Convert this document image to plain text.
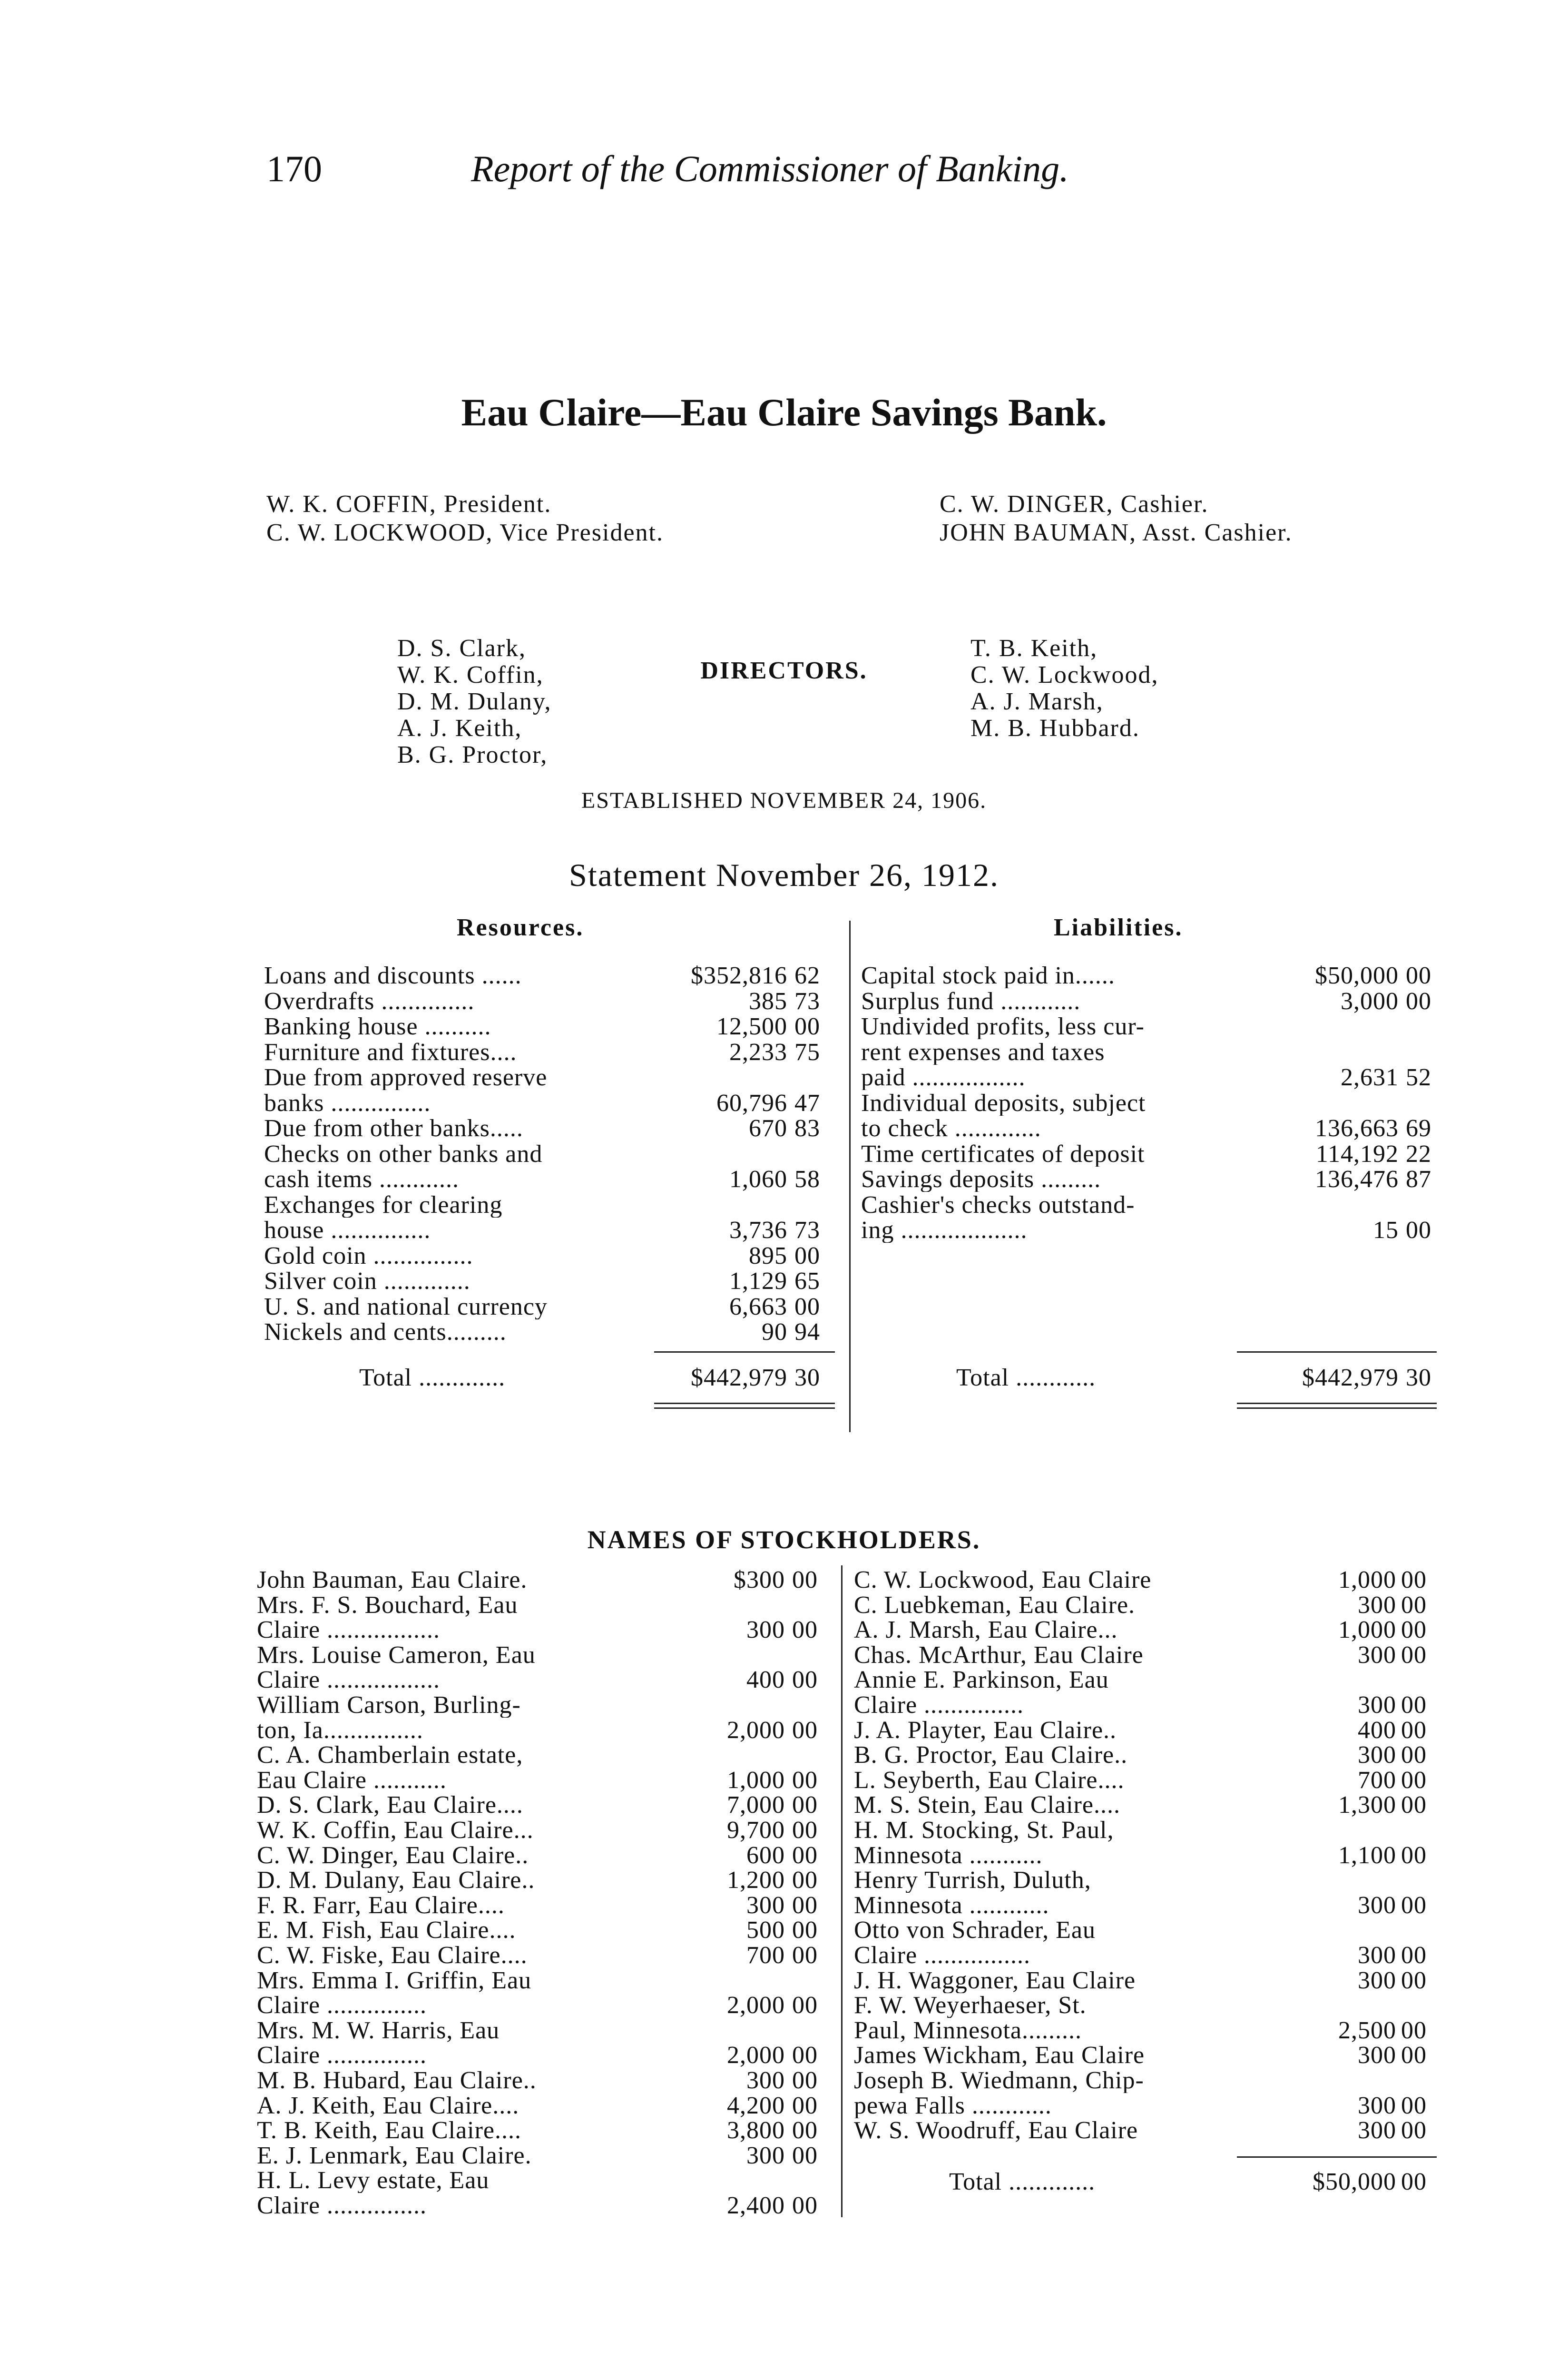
170	Report of the Commissioner of Banking.
Eau Claire—Eau Claire Savings Bank.
W. K. COFFIN, President.
C. W. LOCKWOOD, Vice President.
C. W. DINGER, Cashier.
JOHN BAUMAN, Asst. Cashier.
DIRECTORS.
D. S. Clark,
W. K. Coffin,
D. M. Dulany,
A. J. Keith,
B. G. Proctor,
T. B. Keith,
C. W. Lockwood,
A. J. Marsh,
M. B. Hubbard.
ESTABLISHED NOVEMBER 24, 1906.
Statement November 26, 1912.
Resources.	Liabilities.
Loans and discounts ......	$352,816 62
Overdrafts ..............	385 73
Banking house ..........	12,500 00
Furniture and fixtures....	2,233 75
Due from approved reserve
banks ...............	60,796 47
Due from other banks.....	670 83
Checks on other banks and
cash items ............	1,060 58
Exchanges for clearing
house ...............	3,736 73
Gold coin ...............	895 00
Silver coin .............	1,129 65
U. S. and national currency	6,663 00
Nickels and cents.........	90 94
Total .............	$442,979 30
Capital stock paid in......	$50,000 00
Surplus fund ............	3,000 00
Undivided profits, less cur-
rent expenses and taxes
paid .................	2,631 52
Individual deposits, subject
to check .............	136,663 69
Time certificates of deposit	114,192 22
Savings deposits .........	136,476 87
Cashier's checks outstand-
ing ...................	15 00
Total ............	$442,979 30
NAMES OF STOCKHOLDERS.
John Bauman, Eau Claire.	$300 00
Mrs. F. S. Bouchard, Eau
Claire .................	300 00
Mrs. Louise Cameron, Eau
Claire .................	400 00
William Carson, Burling-
ton, Ia...............	2,000 00
C. A. Chamberlain estate,
Eau Claire ...........	1,000 00
D. S. Clark, Eau Claire....	7,000 00
W. K. Coffin, Eau Claire...	9,700 00
C. W. Dinger, Eau Claire..	600 00
D. M. Dulany, Eau Claire..	1,200 00
F. R. Farr, Eau Claire....	300 00
E. M. Fish, Eau Claire....	500 00
C. W. Fiske, Eau Claire....	700 00
Mrs. Emma I. Griffin, Eau
Claire ...............	2,000 00
Mrs. M. W. Harris, Eau
Claire ...............	2,000 00
M. B. Hubard, Eau Claire..	300 00
A. J. Keith, Eau Claire....	4,200 00
T. B. Keith, Eau Claire....	3,800 00
E. J. Lenmark, Eau Claire.	300 00
H. L. Levy estate, Eau
Claire ...............	2,400 00
C. W. Lockwood, Eau Claire	1,000 00
C. Luebkeman, Eau Claire.	300 00
A. J. Marsh, Eau Claire...	1,000 00
Chas. McArthur, Eau Claire	300 00
Annie E. Parkinson, Eau
Claire ...............	300 00
J. A. Playter, Eau Claire..	400 00
B. G. Proctor, Eau Claire..	300 00
L. Seyberth, Eau Claire....	700 00
M. S. Stein, Eau Claire....	1,300 00
H. M. Stocking, St. Paul,
Minnesota ...........	1,100 00
Henry Turrish, Duluth,
Minnesota ............	300 00
Otto von Schrader, Eau
Claire ................	300 00
J. H. Waggoner, Eau Claire	300 00
F. W. Weyerhaeser, St.
Paul, Minnesota.........	2,500 00
James Wickham, Eau Claire	300 00
Joseph B. Wiedmann, Chip-
pewa Falls ............	300 00
W. S. Woodruff, Eau Claire	300 00
Total .............	$50,000 00
